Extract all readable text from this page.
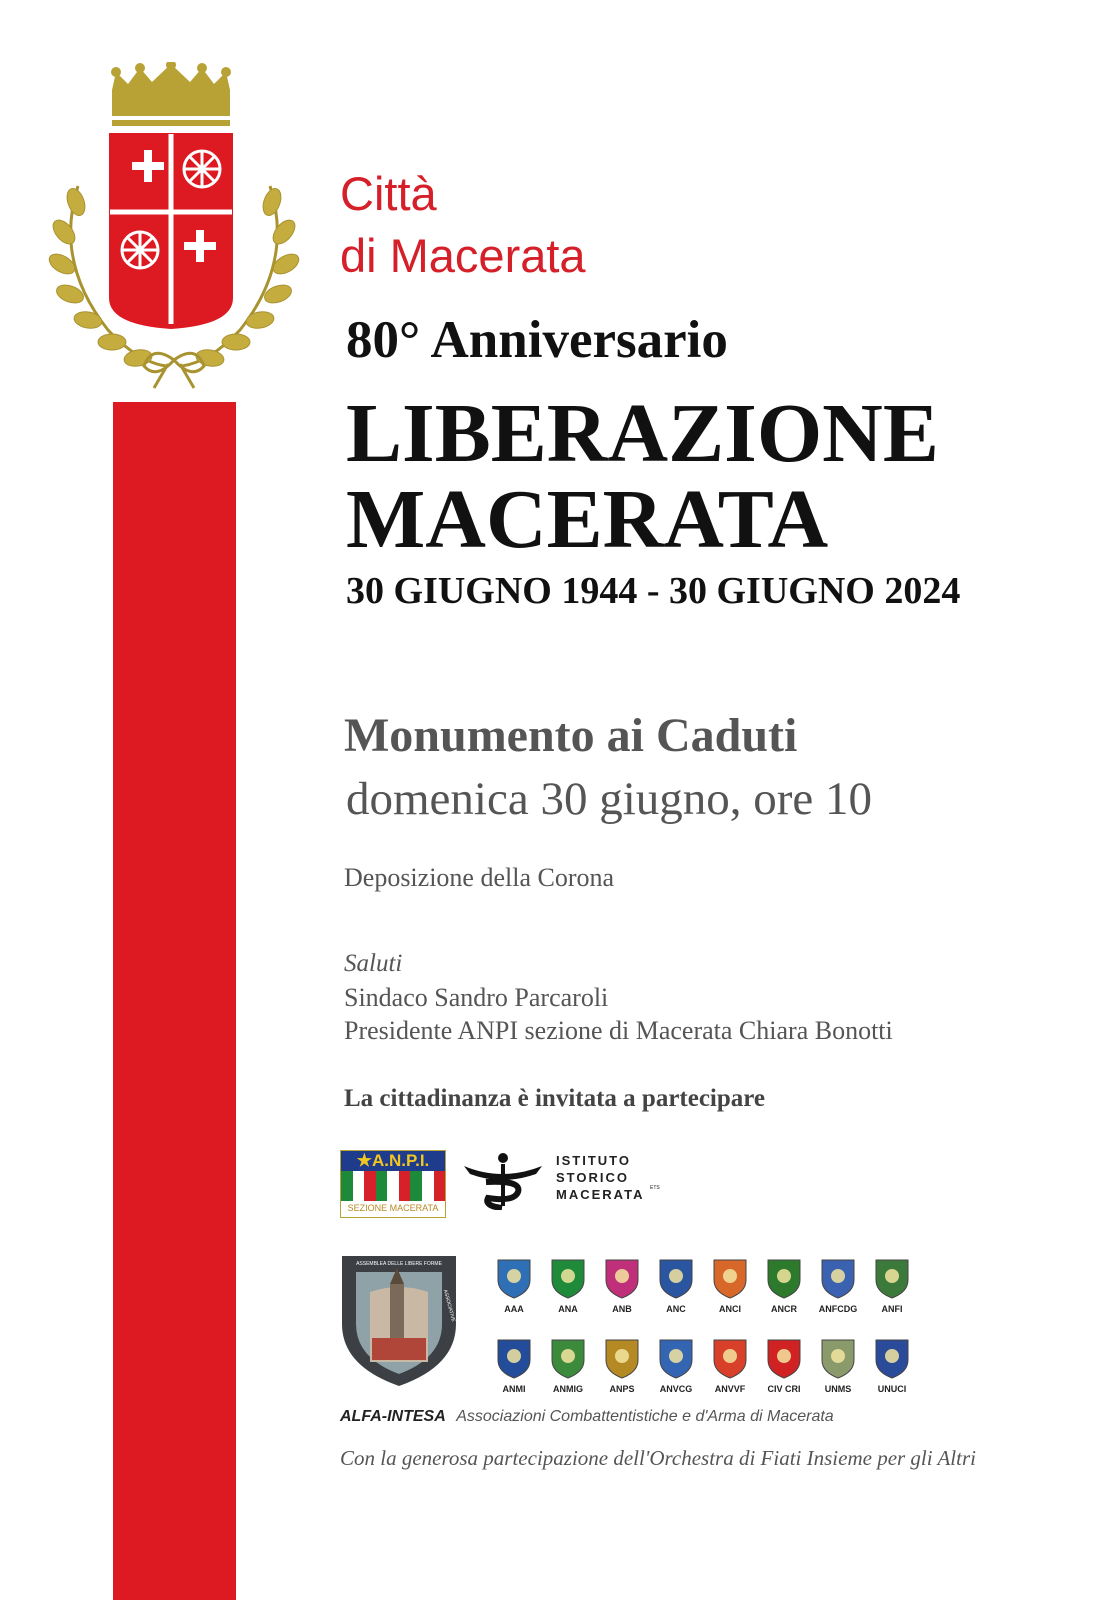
Città
di Macerata
80° Anniversario
LIBERAZIONE
MACERATA
30 GIUGNO 1944 - 30 GIUGNO 2024
Monumento ai Caduti
domenica 30 giugno, ore 10
Deposizione della Corona
Saluti
Sindaco Sandro Parcaroli
Presidente ANPI sezione di Macerata Chiara Bonotti
La cittadinanza è invitata a partecipare
★A.N.P.I.
SEZIONE MACERATA
ISTITUTO
STORICO
MACERATA ETS
ASSEMBLEA DELLE LIBERE FORME
ASSOCIATIVE
ALFA-INTESA Associazioni Combattentistiche e d'Arma di Macerata
Con la generosa partecipazione dell'Orchestra di Fiati Insieme per gli Altri
AAA	ANA	ANB	ANC	ANCI	ANCR	ANFCDG	ANFI
ANMI	ANMIG	ANPS	ANVCG	ANVVF	CIV CRI	UNMS	UNUCI
